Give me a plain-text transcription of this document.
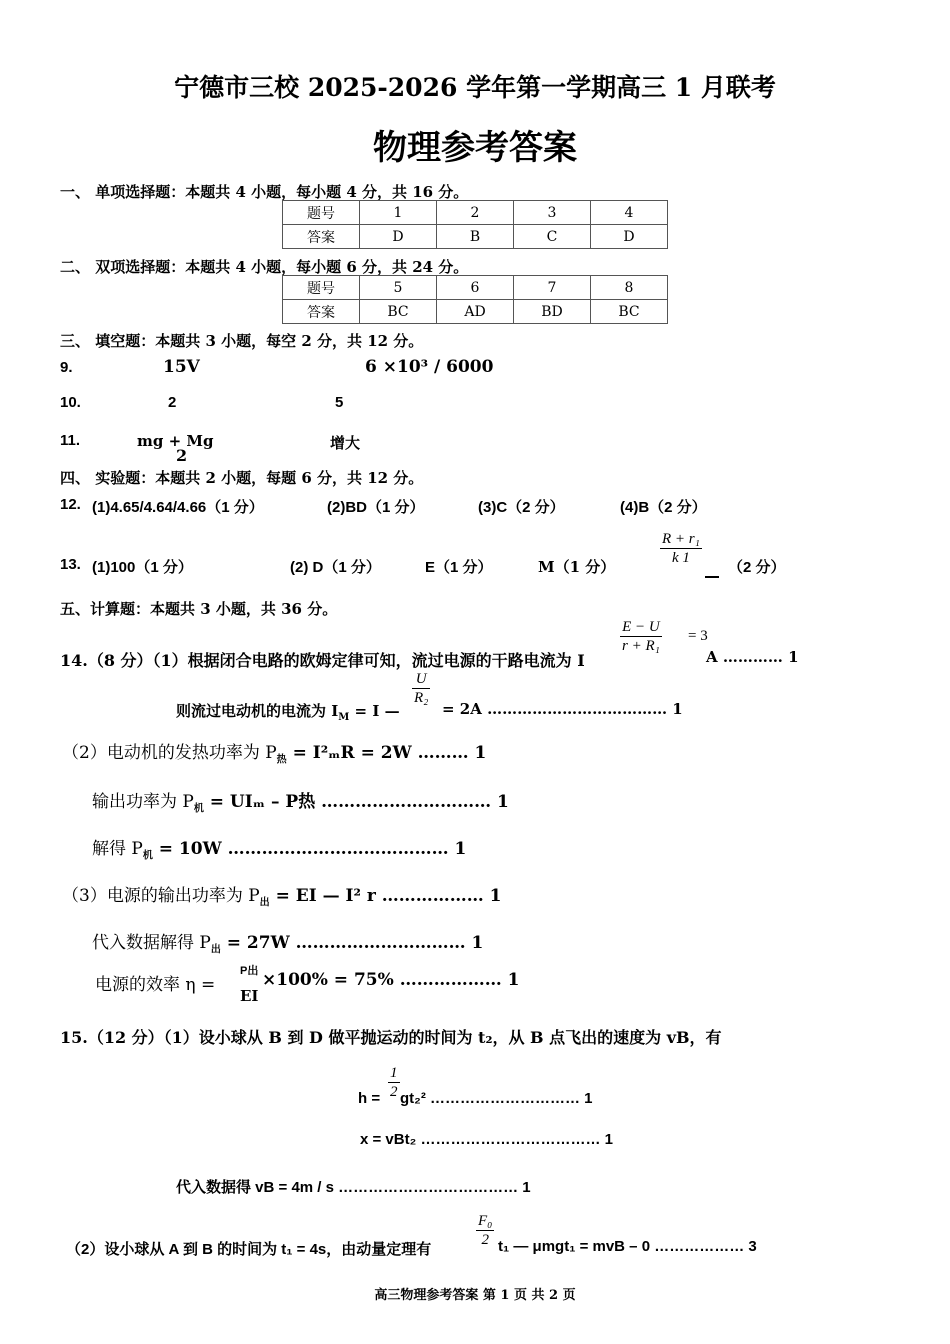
宁德市三校 2025-2026 学年第一学期高三 1 月联考
物理参考答案
一、 单项选择题：本题共 4 小题，每小题 4 分，共 16 分。
题号	1	2	3	4
答案	D	B	C	D
二、 双项选择题：本题共 4 小题，每小题 6 分，共 24 分。
题号	5	6	7	8
答案	BC	AD	BD	BC
三、 填空题：本题共 3 小题，每空 2 分，共 12 分。
9.	15V	6 ×10³ / 6000
10.	2	5
11.	mg + Mg
2
增大
四、 实验题：本题共 2 小题，每题 6 分，共 12 分。
12. (1)4.65/4.64/4.66（1 分）	(2)BD（1 分）	(3)C（2 分）	(4)B（2 分）
13. (1)100（1 分）	(2) D（1 分）	E（1 分）	M（1 分）	$\frac{\text{R + r₁}}{k 1}$
（2 分）
五、计算题：本题共 3 小题，共 36 分。
14.（8 分）（1）根据闭合电路的欧姆定律可知，流过电源的干路电流为 I
$\frac{E - U}{\text{r + R₁}} = 3$
A ………… 1
$\frac{U}{\text{R₂}}$
则流过电动机的电流为 $I_M = I$ —	= 2A ……………………………… 1
（2）电动机的发热功率为 $P_热 = I^2_mR = 2W$ ……… 1
输出功率为 $P_机 = UI_m - P$热 ………………………… 1
解得 $P_机 = 10W$ ………………………………… 1
（3）电源的输出功率为 $P_出$ = EI — I² r ……………… 1
代入数据解得 $P_出 = 27W$ ………………………… 1
电源的效率 η =
P出
EI
×100% = 75% ……………… 1
15.（12 分）（1）设小球从 B 到 D 做平抛运动的时间为 t₂，从 B 点飞出的速度为 vB，有
$\frac{1}{2}$
h = gt₂² ………………………… 1
x = vBt₂ ……………………………… 1
代入数据得 vB = 4m / s ……………………………… 1
$\frac{\text{F₀}}{2}$
（2）设小球从 A 到 B 的时间为 t₁ = 4s，由动量定理有	t₁ — μmgt₁ = mvB – 0 ……………… 3
高三物理参考答案 第 1 页 共 2 页
